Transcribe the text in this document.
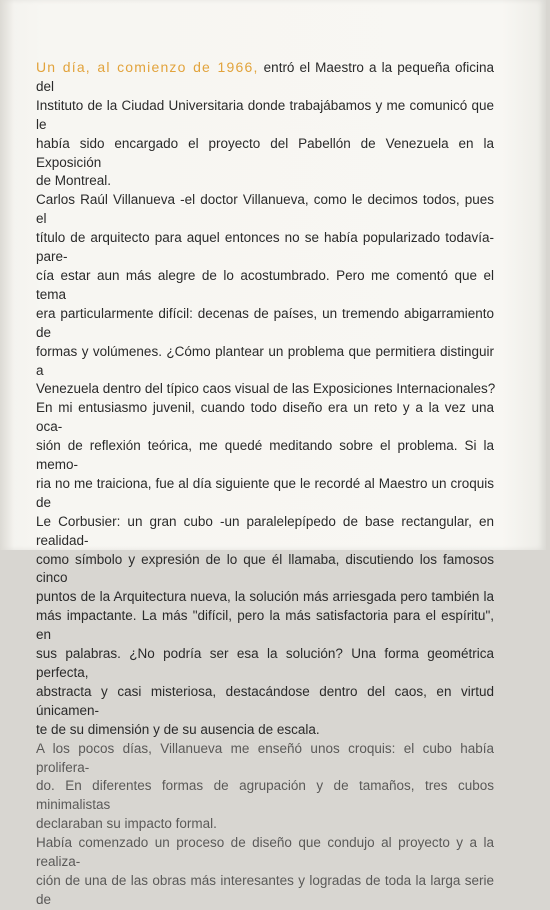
Un día, al comienzo de 1966, entró el Maestro a la pequeña oficina del
Instituto de la Ciudad Universitaria donde trabajábamos y me comunicó que le
había sido encargado el proyecto del Pabellón de Venezuela en la Exposición
de Montreal.
Carlos Raúl Villanueva -el doctor Villanueva, como le decimos todos, pues el
título de arquitecto para aquel entonces no se había popularizado todavía- pare-
cía estar aun más alegre de lo acostumbrado. Pero me comentó que el tema
era particularmente difícil: decenas de países, un tremendo abigarramiento de
formas y volúmenes. ¿Cómo plantear un problema que permitiera distinguir a
Venezuela dentro del típico caos visual de las Exposiciones Internacionales?
En mi entusiasmo juvenil, cuando todo diseño era un reto y a la vez una oca-
sión de reflexión teórica, me quedé meditando sobre el problema. Si la memo-
ria no me traiciona, fue al día siguiente que le recordé al Maestro un croquis de
Le Corbusier: un gran cubo -un paralelepípedo de base rectangular, en realidad-
como símbolo y expresión de lo que él llamaba, discutiendo los famosos cinco
puntos de la Arquitectura nueva, la solución más arriesgada pero también la
más impactante. La más "difícil, pero la más satisfactoria para el espíritu", en
sus palabras. ¿No podría ser esa la solución? Una forma geométrica perfecta,
abstracta y casi misteriosa, destacándose dentro del caos, en virtud únicamen-
te de su dimensión y de su ausencia de escala.
A los pocos días, Villanueva me enseñó unos croquis: el cubo había prolifera-
do. En diferentes formas de agrupación y de tamaños, tres cubos minimalistas
declaraban su impacto formal.
Había comenzado un proceso de diseño que condujo al proyecto y a la realiza-
ción de una de las obras más interesantes y logradas de toda la larga serie de
